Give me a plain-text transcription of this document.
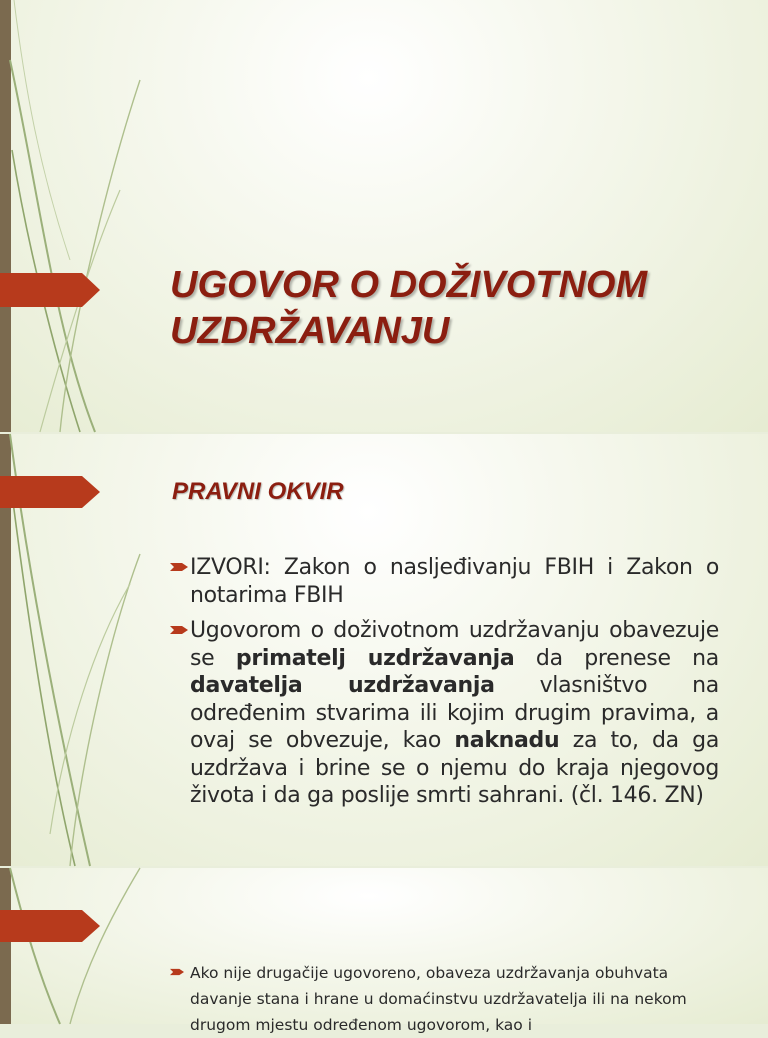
UGOVOR O DOŽIVOTNOM
UZDRŽAVANJU
PRAVNI OKVIR
IZVORI: Zakon o nasljeđivanju FBIH i Zakon o notarima FBIH
Ugovorom o doživotnom uzdržavanju obavezuje se primatelj uzdržavanja da prenese na davatelja uzdržavanja vlasništvo na određenim stvarima ili kojim drugim pravima, a ovaj se obvezuje, kao naknadu za to, da ga uzdržava i brine se o njemu do kraja njegovog života i da ga poslije smrti sahrani. (čl. 146. ZN)
Ako nije drugačije ugovoreno, obaveza uzdržavanja obuhvata davanje stana i hrane u domaćinstvu uzdržavatelja ili na nekom drugom mjestu određenom ugovorom, kao i
